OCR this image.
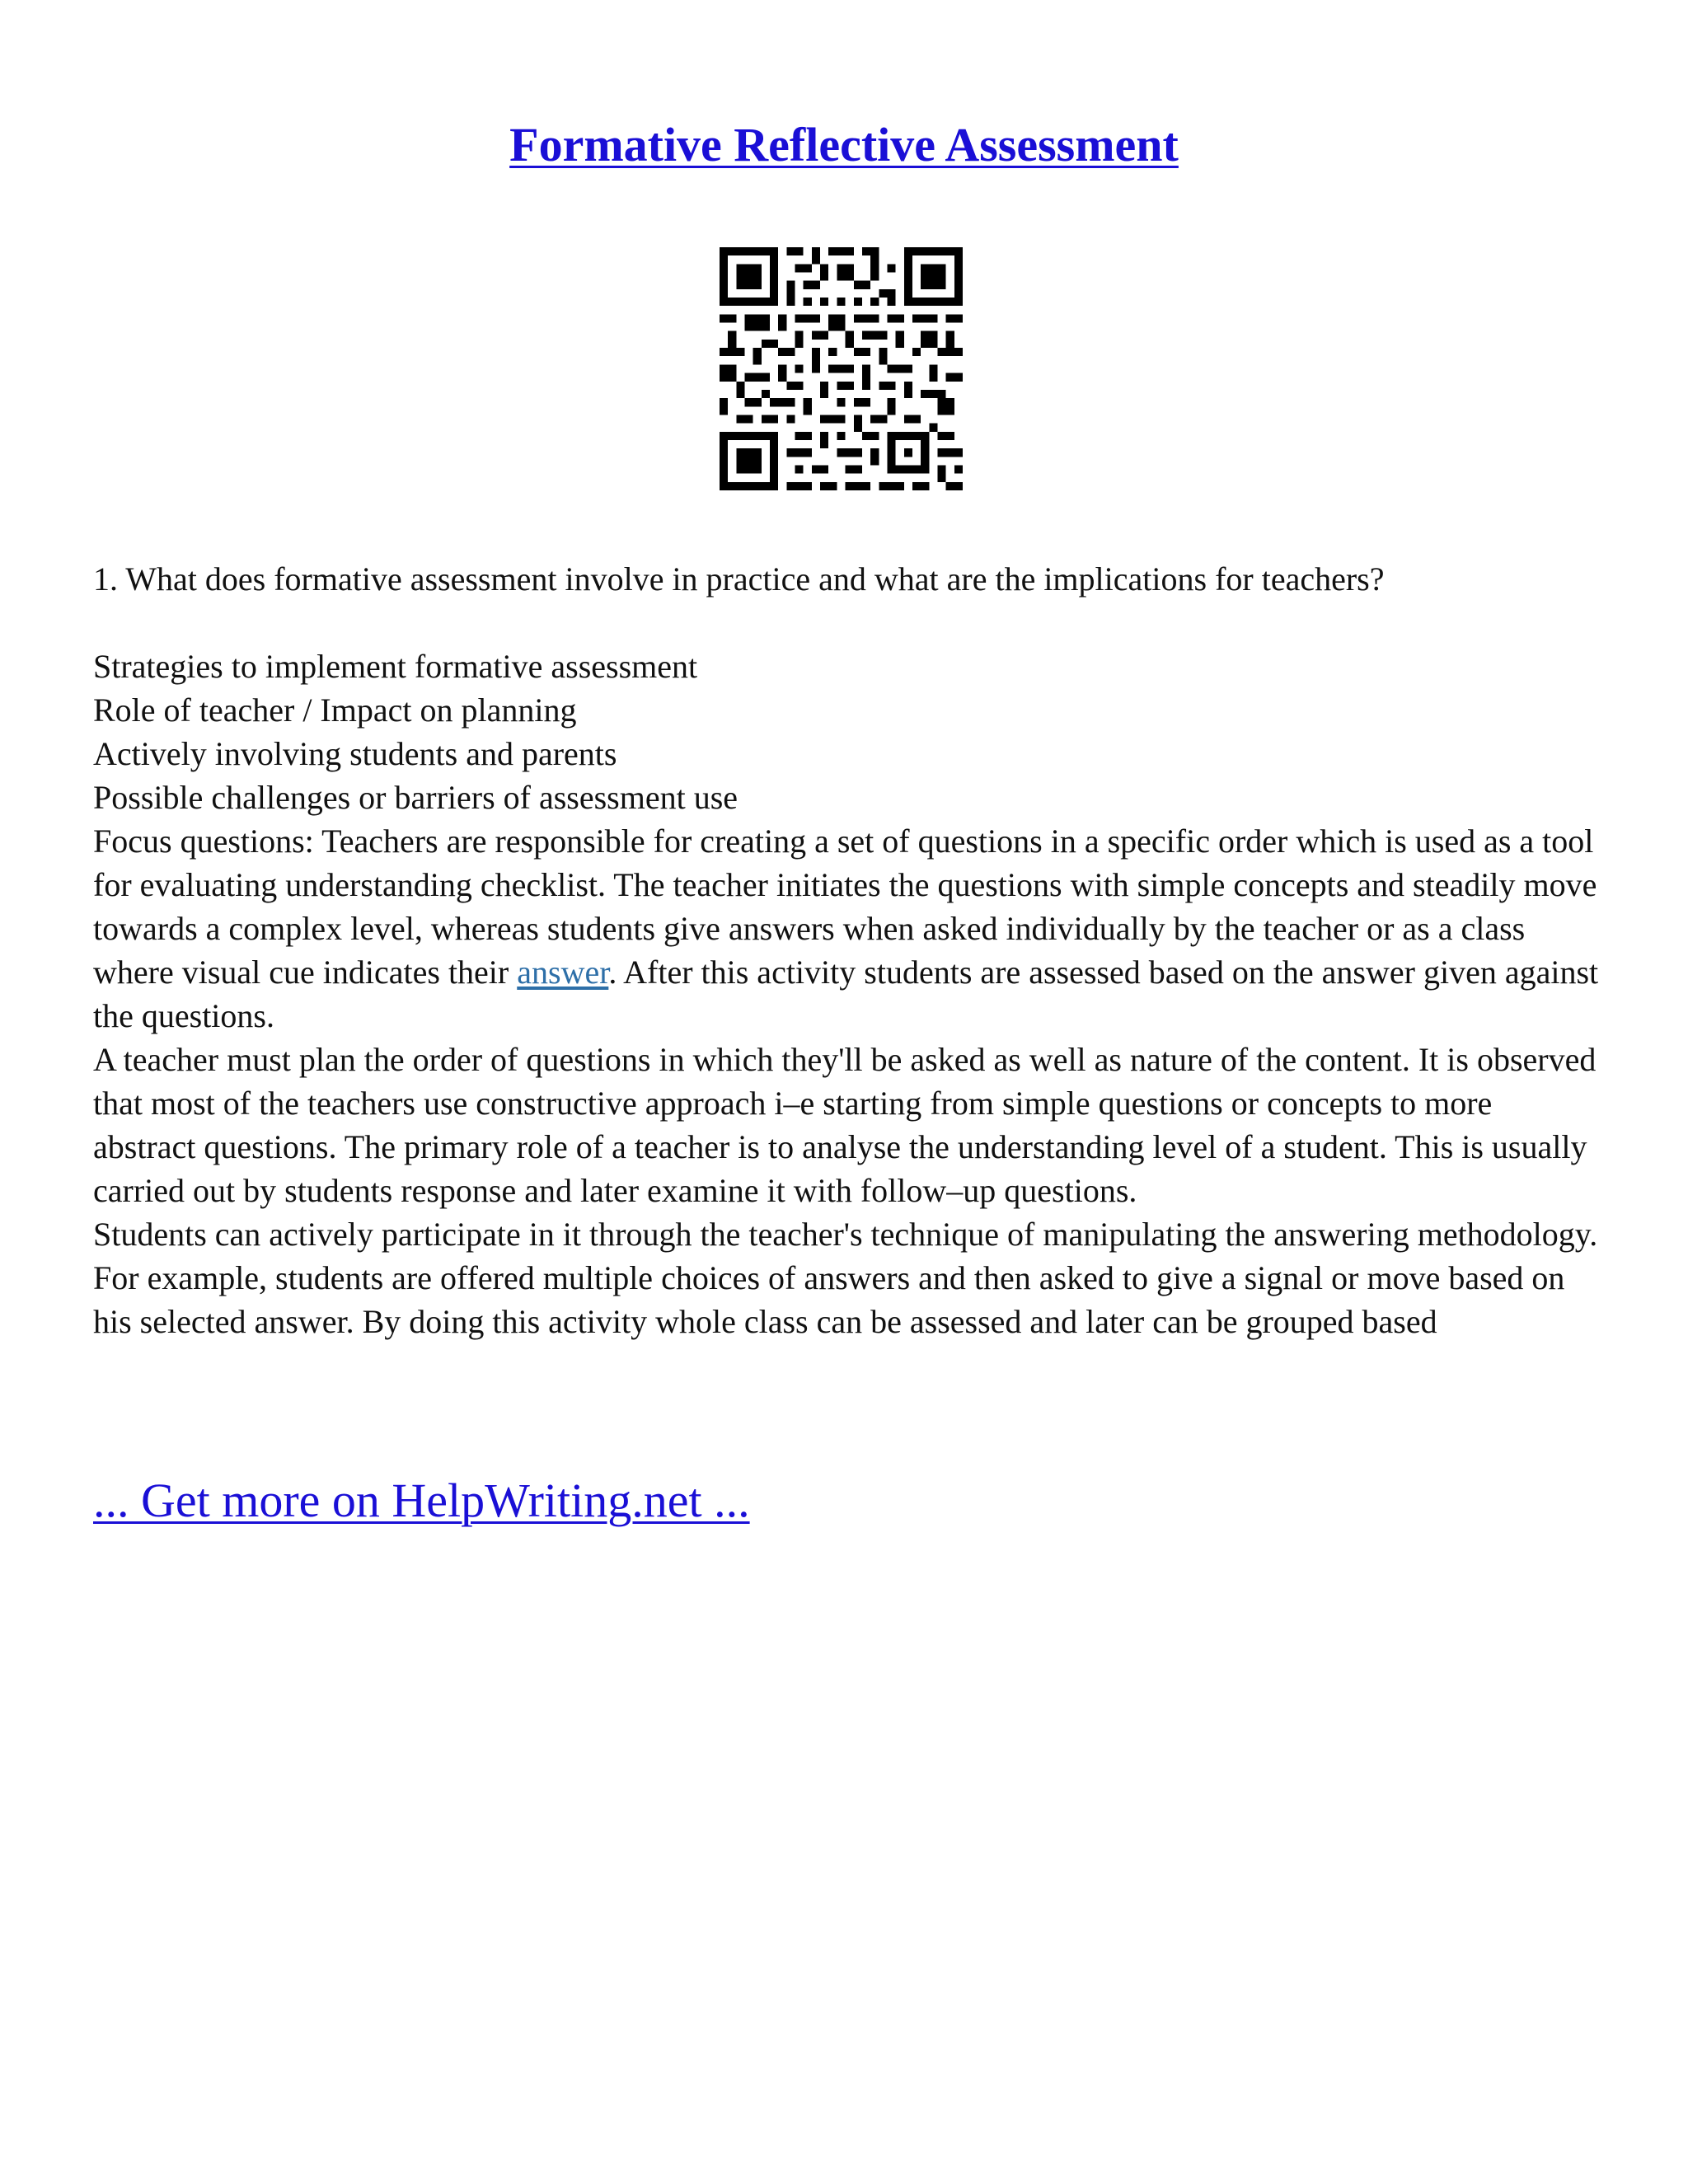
Formative Reflective Assessment

1. What does formative assessment involve in practice and what are the implications for teachers?

Strategies to implement formative assessment

Role of teacher / Impact on planning

Actively involving students and parents

Possible challenges or barriers of assessment use

Focus questions: Teachers are responsible for creating a set of questions in a specific order which is used as a tool for evaluating understanding checklist. The teacher initiates the questions with simple concepts and steadily move towards a complex level, whereas students give answers when asked individually by the teacher or as a class where visual cue indicates their answer. After this activity students are assessed based on the answer given against the questions.

A teacher must plan the order of questions in which they'll be asked as well as nature of the content. It is observed that most of the teachers use constructive approach i–e starting from simple questions or concepts to more abstract questions. The primary role of a teacher is to analyse the understanding level of a student. This is usually carried out by students response and later examine it with follow–up questions.

Students can actively participate in it through the teacher's technique of manipulating the answering methodology. For example, students are offered multiple choices of answers and then asked to give a signal or move based on his selected answer. By doing this activity whole class can be assessed and later can be grouped based

... Get more on HelpWriting.net ...
